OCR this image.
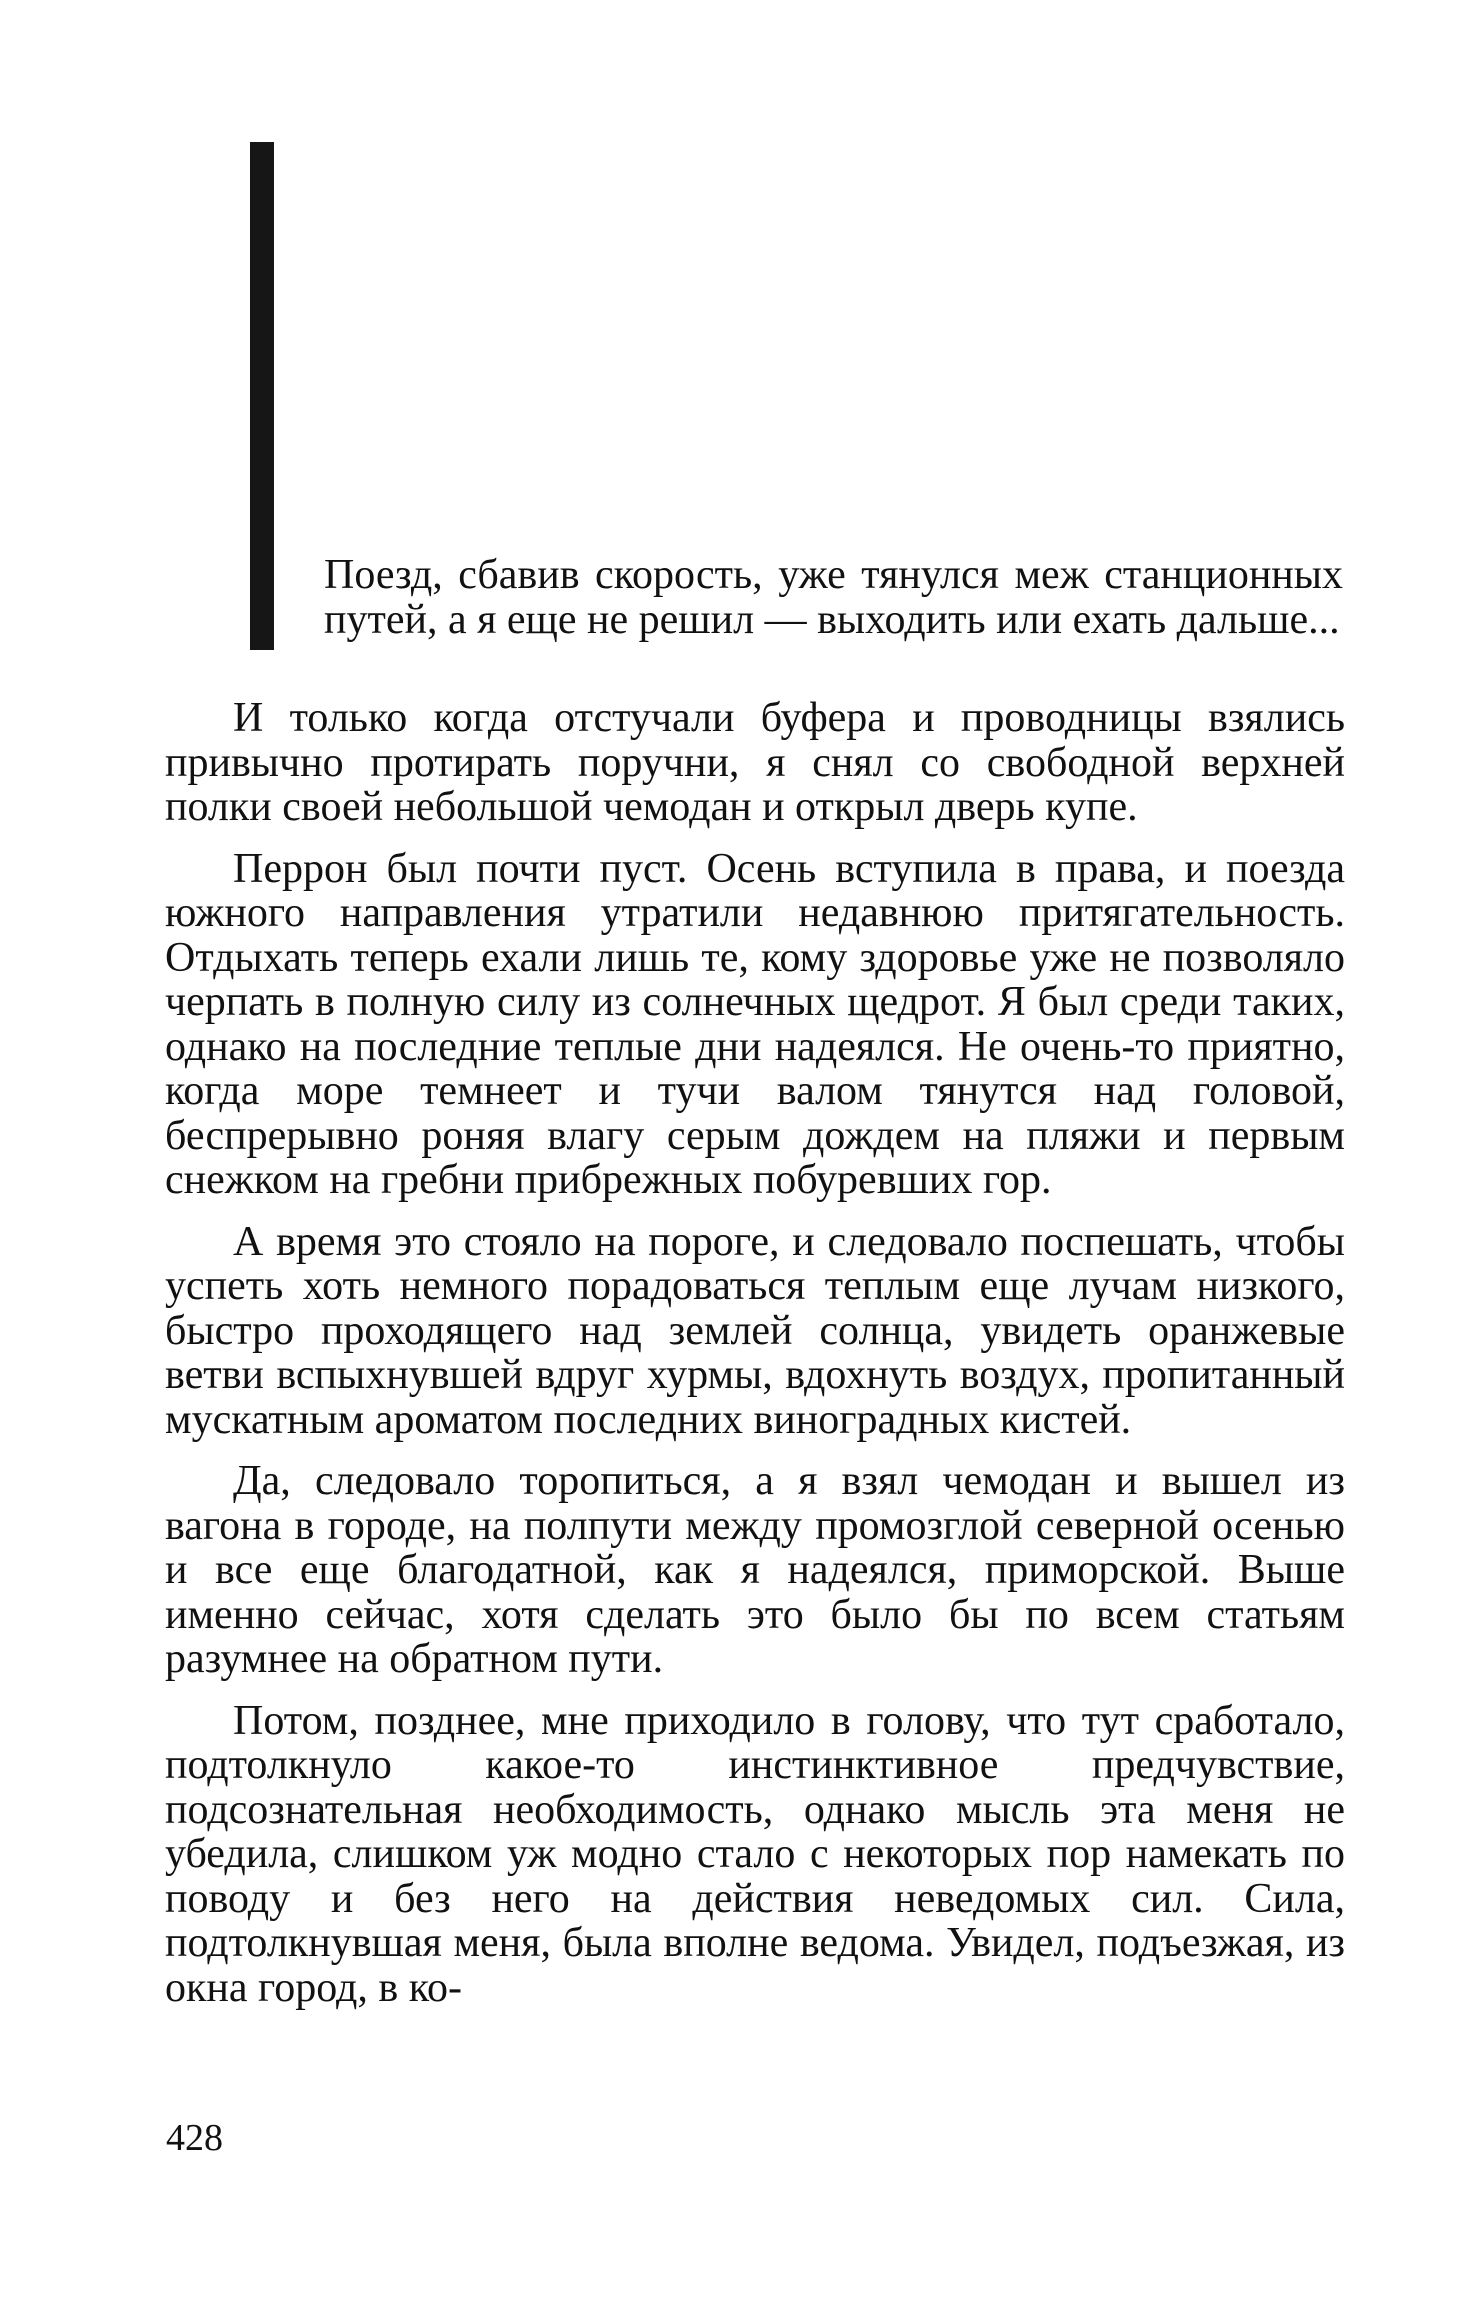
Поезд, сбавив скорость, уже тянулся меж станционных путей, а я еще не решил — выходить или ехать дальше...

И только когда отстучали буфера и проводницы взялись привычно протирать поручни, я снял со свободной верхней полки своей небольшой чемодан и открыл дверь купе.

Перрон был почти пуст. Осень вступила в права, и поезда южного направления утратили недавнюю притягательность. Отдыхать теперь ехали лишь те, кому здоровье уже не позволяло черпать в полную силу из солнечных щедрот. Я был среди таких, однако на последние теплые дни надеялся. Не очень-то приятно, когда море темнеет и тучи валом тянутся над головой, беспрерывно роняя влагу серым дождем на пляжи и первым снежком на гребни прибрежных побуревших гор.

А время это стояло на пороге, и следовало поспешать, чтобы успеть хоть немного порадоваться теплым еще лучам низкого, быстро проходящего над землей солнца, увидеть оранжевые ветви вспыхнувшей вдруг хурмы, вдохнуть воздух, пропитанный мускатным ароматом последних виноградных кистей.

Да, следовало торопиться, а я взял чемодан и вышел из вагона в городе, на полпути между промозглой северной осенью и все еще благодатной, как я надеялся, приморской. Выше именно сейчас, хотя сделать это было бы по всем статьям разумнее на обратном пути.

Потом, позднее, мне приходило в голову, что тут сработало, подтолкнуло какое-то инстинктивное предчувствие, подсознательная необходимость, однако мысль эта меня не убедила, слишком уж модно стало с некоторых пор намекать по поводу и без него на действия неведомых сил. Сила, подтолкнувшая меня, была вполне ведома. Увидел, подъезжая, из окна город, в ко-

428
